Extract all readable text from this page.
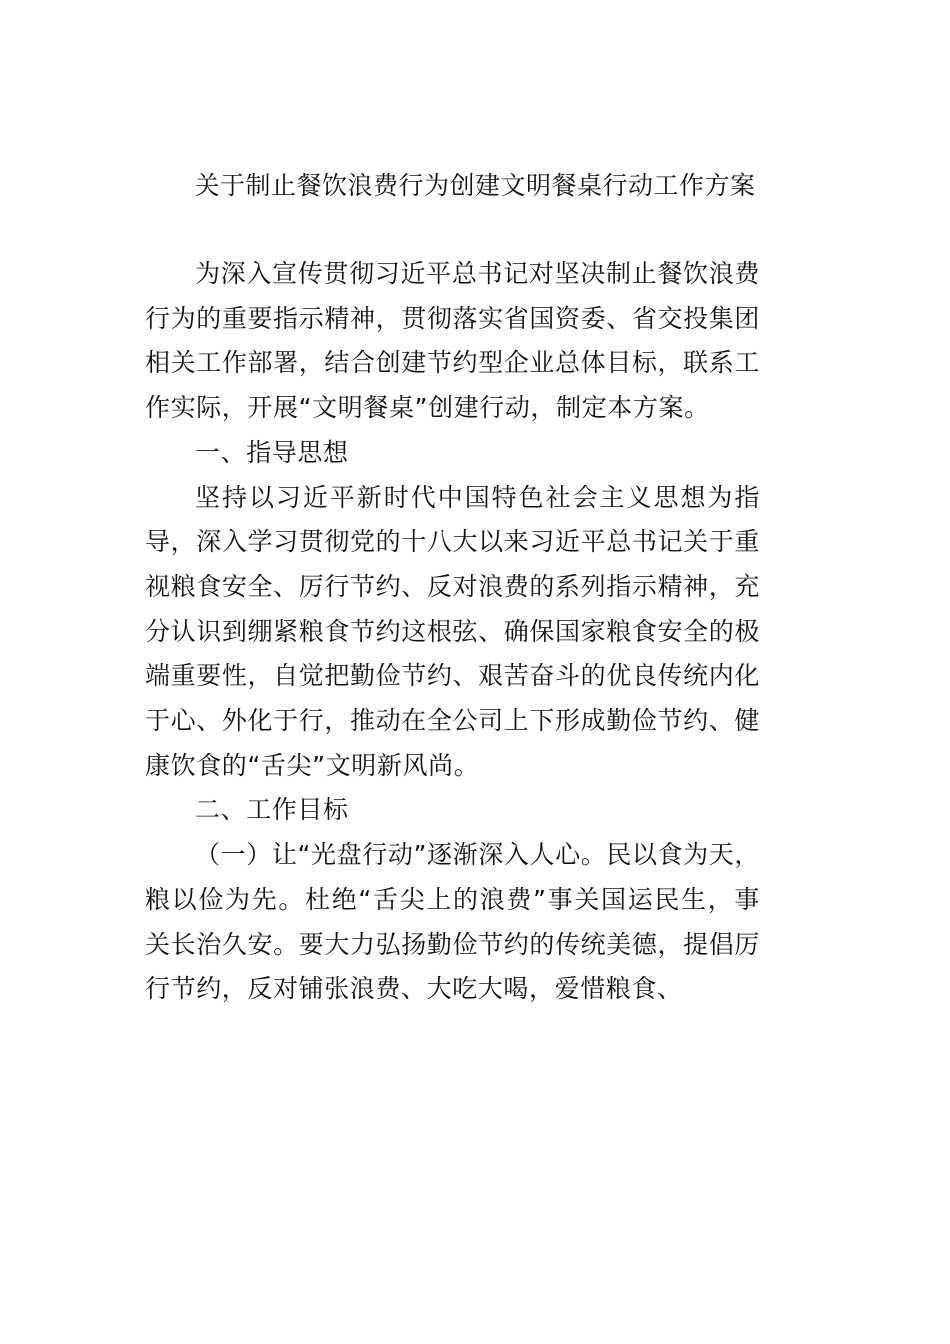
关于制止餐饮浪费行为创建文明餐桌行动工作方案

为深入宣传贯彻习近平总书记对坚决制止餐饮浪费行为的重要指示精神，贯彻落实省国资委、省交投集团相关工作部署，结合创建节约型企业总体目标，联系工作实际，开展“文明餐桌”创建行动，制定本方案。

一、指导思想

坚持以习近平新时代中国特色社会主义思想为指导，深入学习贯彻党的十八大以来习近平总书记关于重视粮食安全、厉行节约、反对浪费的系列指示精神，充分认识到绷紧粮食节约这根弦、确保国家粮食安全的极端重要性，自觉把勤俭节约、艰苦奋斗的优良传统内化于心、外化于行，推动在全公司上下形成勤俭节约、健康饮食的“舌尖”文明新风尚。

二、工作目标

（一）让“光盘行动”逐渐深入人心。民以食为天，粮以俭为先。杜绝“舌尖上的浪费”事关国运民生，事关长治久安。要大力弘扬勤俭节约的传统美德，提倡厉行节约，反对铺张浪费、大吃大喝，爱惜粮食、
